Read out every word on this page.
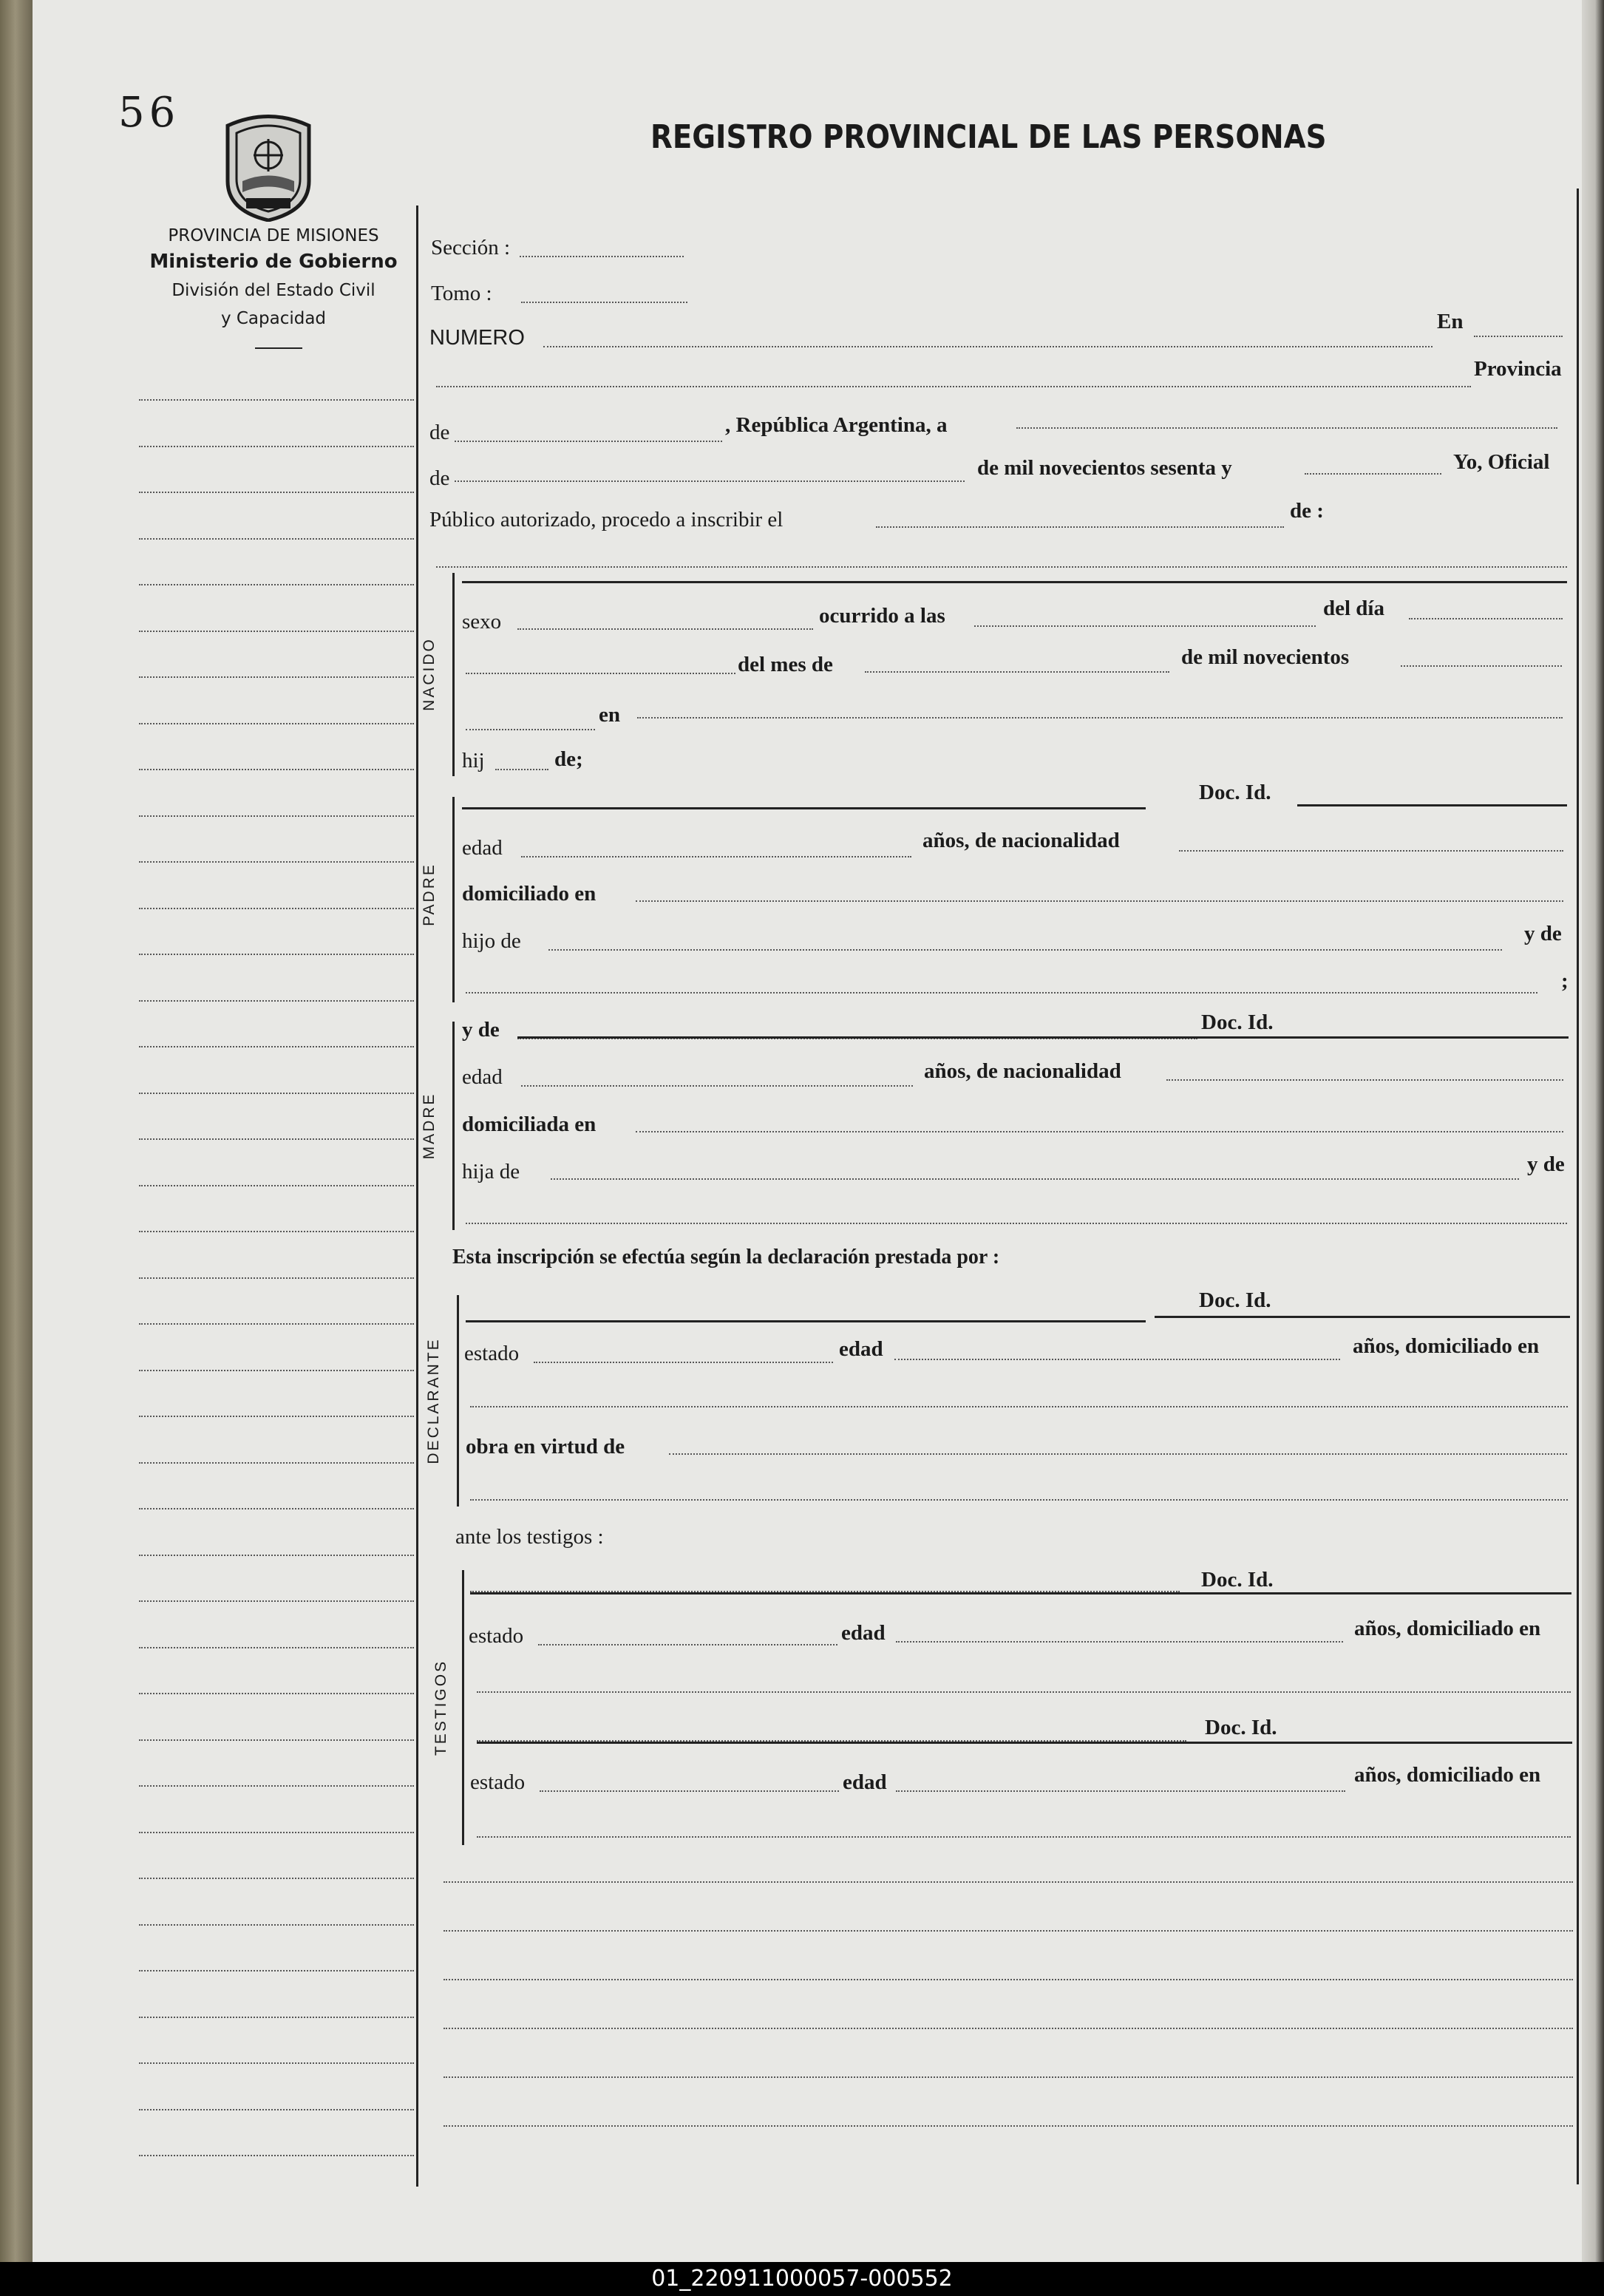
56
PROVINCIA DE MISIONES
Ministerio de Gobierno
División del Estado Civil
y Capacidad
REGISTRO PROVINCIAL DE LAS PERSONAS
Sección :
Tomo :
NUMERO
En
Provincia
de	, República Argentina, a
de	de mil novecientos sesenta y	Yo, Oficial
Público autorizado, procedo a inscribir el	de :
NACIDO
sexo	ocurrido a las	del día
del mes de	de mil novecientos
en
hij	de;
PADRE
Doc. Id.
edad	años, de nacionalidad
domiciliado en
hijo de	y de
;
MADRE
y de	Doc. Id.
edad	años, de nacionalidad
domiciliada en
hija de	y de
Esta inscripción se efectúa según la declaración prestada por :
DECLARANTE
Doc. Id.
estado	edad	años, domiciliado en
obra en virtud de
ante los testigos :
TESTIGOS
Doc. Id.
estado	edad	años, domiciliado en
Doc. Id.
estado	edad	años, domiciliado en
01_220911000057-000552
